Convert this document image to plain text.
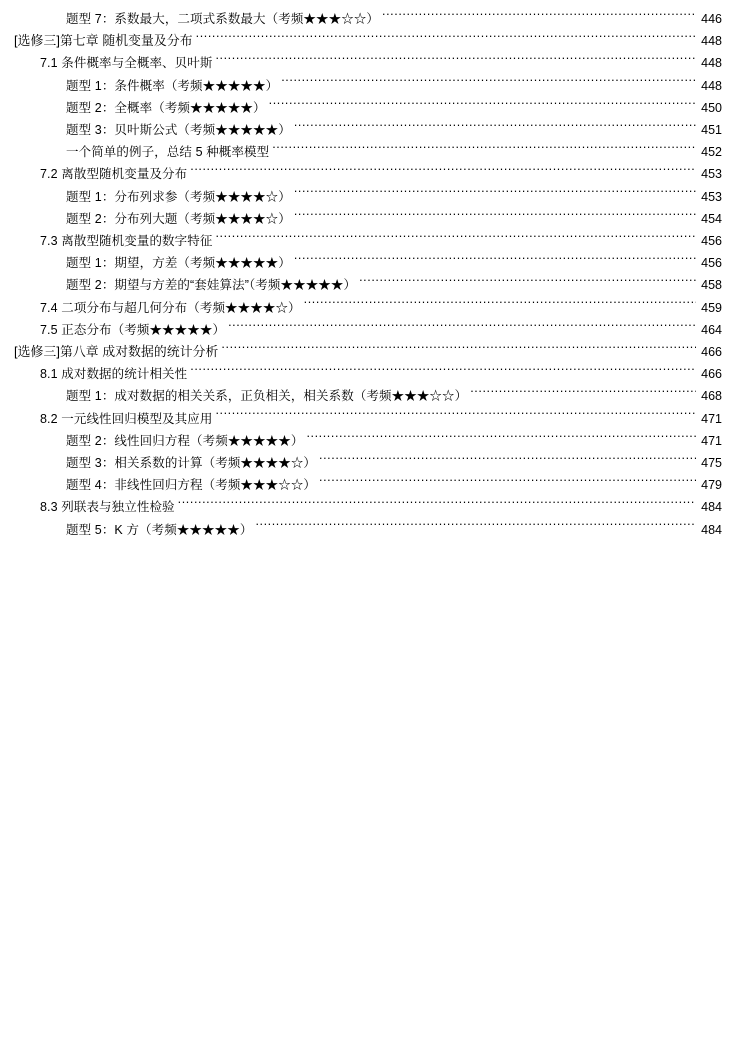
题型 7：系数最大，二项式系数最大（考频★★★☆☆） .....	446
[选修三]第七章 随机变量及分布 .....	448
7.1 条件概率与全概率、贝叶斯 .....	448
题型 1：条件概率（考频★★★★★） .....	448
题型 2：全概率（考频★★★★★） .....	450
题型 3：贝叶斯公式（考频★★★★★） .....	451
一个简单的例子，总结 5 种概率模型 .....	452
7.2 离散型随机变量及分布 .....	453
题型 1：分布列求参（考频★★★★☆） .....	453
题型 2：分布列大题（考频★★★★☆） .....	454
7.3 离散型随机变量的数字特征 .....	456
题型 1：期望，方差（考频★★★★★） .....	456
题型 2：期望与方差的“套娃算法”（考频★★★★★） .....	458
7.4 二项分布与超几何分布（考频★★★★☆） .....	459
7.5 正态分布（考频★★★★★） .....	464
[选修三]第八章 成对数据的统计分析 .....	466
8.1 成对数据的统计相关性 .....	466
题型 1：成对数据的相关关系，正负相关，相关系数（考频★★★☆☆） .....	468
8.2 一元线性回归模型及其应用 .....	471
题型 2：线性回归方程（考频★★★★★） .....	471
题型 3：相关系数的计算（考频★★★★☆） .....	475
题型 4：非线性回归方程（考频★★★☆☆） .....	479
8.3 列联表与独立性检验 .....	484
题型 5：K 方（考频★★★★★） .....	484
